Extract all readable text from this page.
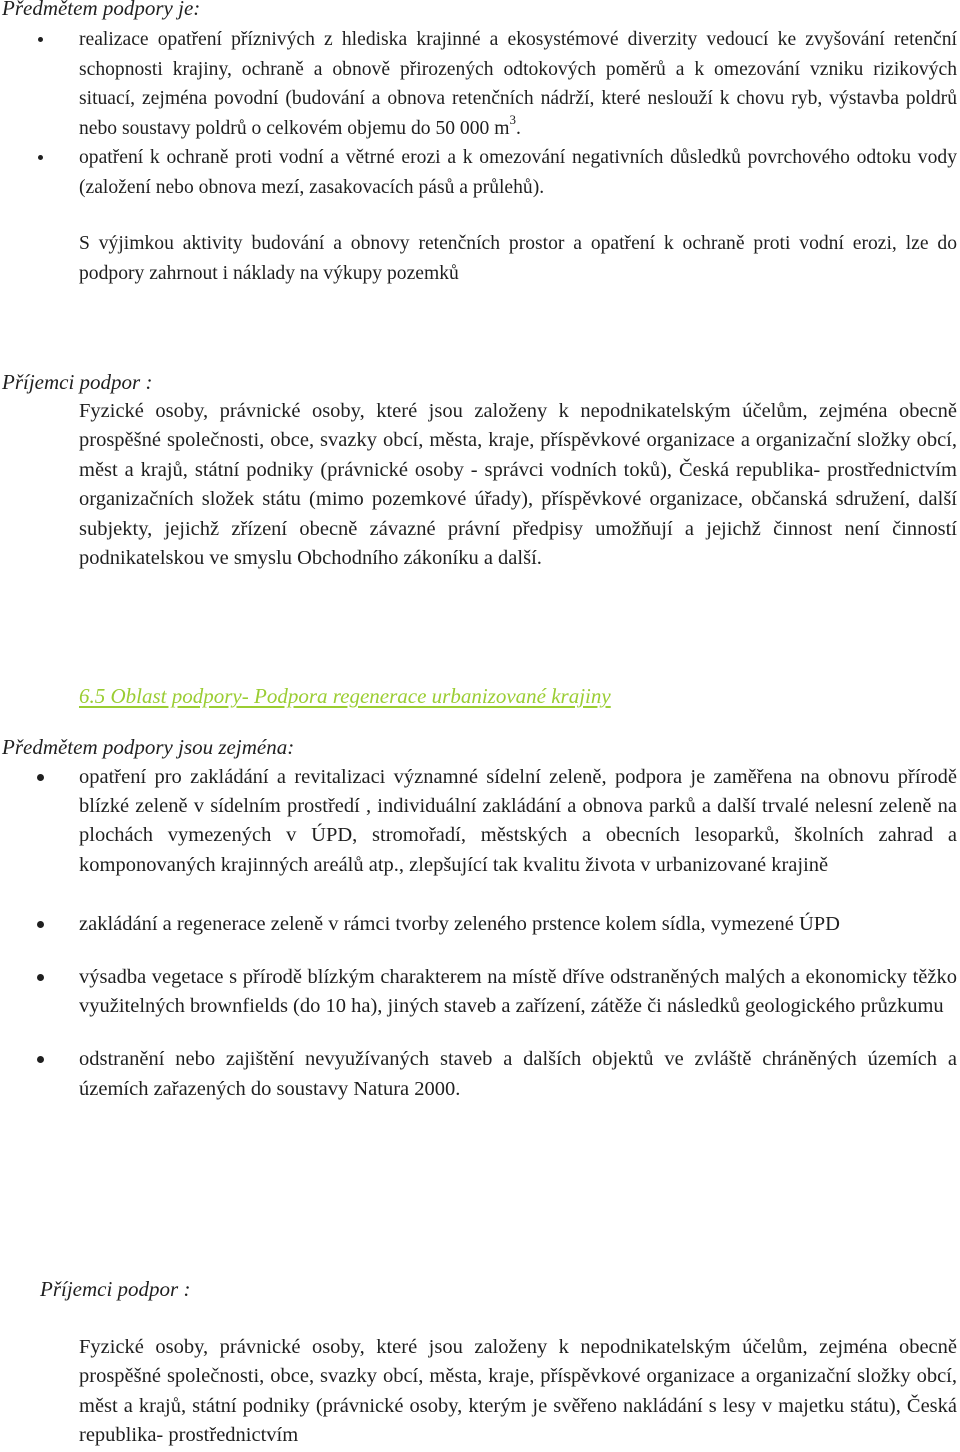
Předmětem podpory je:

realizace opatření příznivých z hlediska krajinné a ekosystémové diverzity vedoucí ke zvyšování retenční schopnosti krajiny, ochraně a obnově přirozených odtokových poměrů a k omezování vzniku rizikových situací, zejména povodní (budování a obnova retenčních nádrží, které neslouží k chovu ryb, výstavba poldrů nebo soustavy poldrů o celkovém objemu do 50 000 $m^3$.
opatření k ochraně proti vodní a větrné erozi a k omezování negativních důsledků povrchového odtoku vody (založení nebo obnova mezí, zasakovacích pásů a průlehů).

S výjimkou aktivity budování a obnovy retenčních prostor a opatření k ochraně proti vodní erozi, lze do podpory zahrnout i náklady na výkupy pozemků

Příjemci podpor :

Fyzické osoby, právnické osoby, které jsou založeny k nepodnikatelským účelům, zejména obecně prospěšné společnosti, obce, svazky obcí, města, kraje, příspěvkové organizace a organizační složky obcí, měst a krajů, státní podniky (právnické osoby - správci vodních toků), Česká republika- prostřednictvím organizačních složek státu (mimo pozemkové úřady), příspěvkové organizace, občanská sdružení, další subjekty, jejichž zřízení obecně závazné právní předpisy umožňují a jejichž činnost není činností podnikatelskou ve smyslu Obchodního zákoníku a další.

6.5 Oblast podpory- Podpora regenerace urbanizované krajiny

Předmětem podpory jsou zejména:

opatření pro zakládání a revitalizaci významné sídelní zeleně, podpora je zaměřena na obnovu přírodě blízké zeleně v sídelním prostředí , individuální zakládání a obnova parků a další trvalé nelesní zeleně na plochách vymezených v ÚPD, stromořadí, městských a obecních lesoparků, školních zahrad a komponovaných krajinných areálů atp., zlepšující tak kvalitu života v urbanizované krajině
zakládání a regenerace zeleně v rámci tvorby zeleného prstence kolem sídla, vymezené ÚPD
výsadba vegetace s přírodě blízkým charakterem na místě dříve odstraněných malých a ekonomicky těžko využitelných brownfields (do 10 ha), jiných staveb a zařízení, zátěže či následků geologického průzkumu
odstranění nebo zajištění nevyužívaných staveb a dalších objektů ve zvláště chráněných územích a územích zařazených do soustavy Natura 2000.

Příjemci podpor :

Fyzické osoby, právnické osoby, které jsou založeny k nepodnikatelským účelům, zejména obecně prospěšné společnosti, obce, svazky obcí, města, kraje, příspěvkové organizace a organizační složky obcí, měst a krajů, státní podniky (právnické osoby, kterým je svěřeno nakládání s lesy v majetku státu), Česká republika- prostřednictvím
